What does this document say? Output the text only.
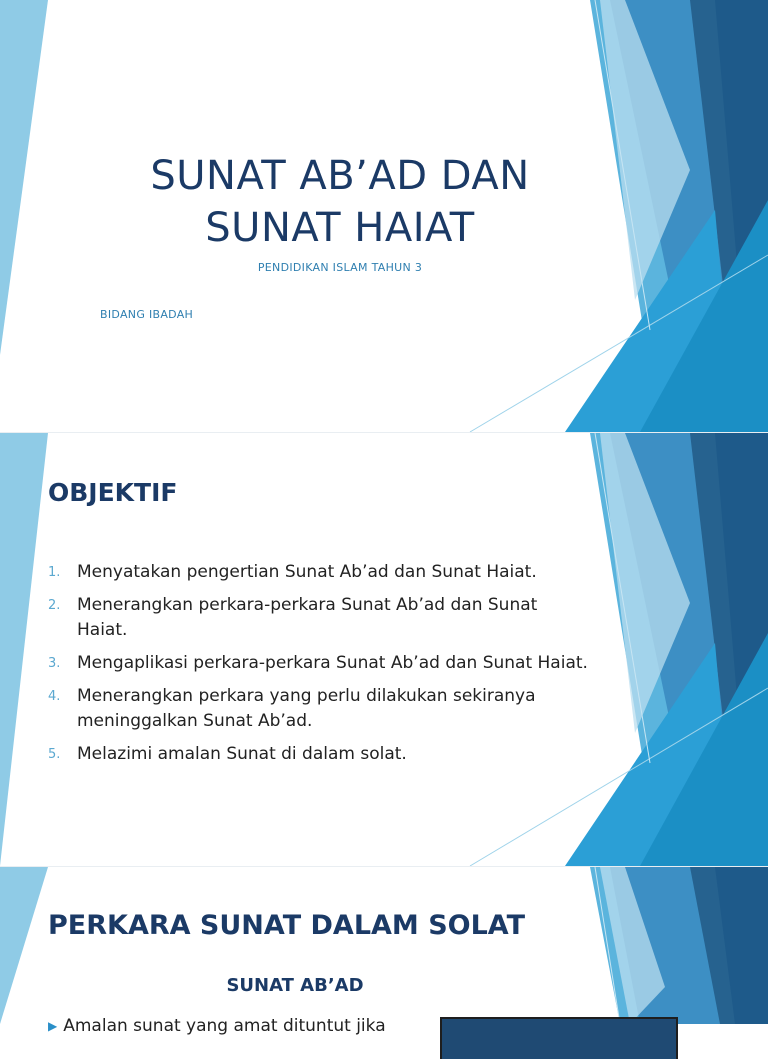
SUNAT AB’AD DAN SUNAT HAIAT
PENDIDIKAN ISLAM TAHUN 3
BIDANG IBADAH
OBJEKTIF
1. Menyatakan pengertian Sunat Ab’ad dan Sunat Haiat.
2. Menerangkan perkara-perkara Sunat Ab’ad dan Sunat Haiat.
3. Mengaplikasi perkara-perkara Sunat Ab’ad dan Sunat Haiat.
4. Menerangkan perkara yang perlu dilakukan sekiranya meninggalkan Sunat Ab’ad.
5. Melazimi amalan Sunat di dalam solat.
PERKARA SUNAT DALAM SOLAT
SUNAT AB’AD
▶ Amalan sunat yang amat dituntut jika
